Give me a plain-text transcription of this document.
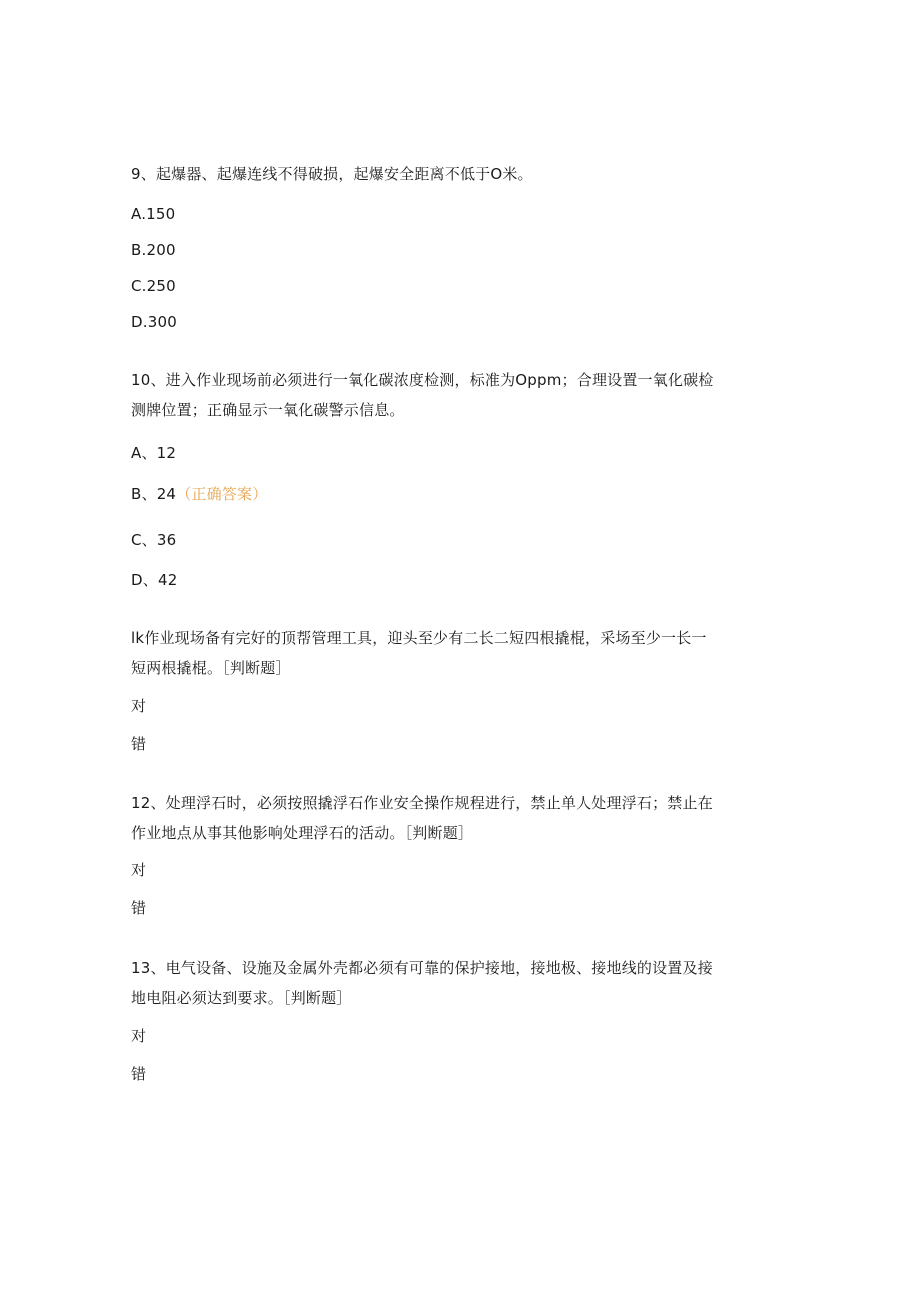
9、起爆器、起爆连线不得破损，起爆安全距离不低于O米。
A.150
B.200
C.250
D.300
10、进入作业现场前必须进行一氧化碳浓度检测，标准为Oppm；合理设置一氧化碳检
测牌位置；正确显示一氧化碳警示信息。
A、12
B、24（正确答案）
C、36
D、42
lk作业现场备有完好的顶帮管理工具，迎头至少有二长二短四根撬棍，采场至少一长一
短两根撬棍。［判断题］
对
错
12、处理浮石时，必须按照撬浮石作业安全操作规程进行，禁止单人处理浮石；禁止在
作业地点从事其他影响处理浮石的活动。［判断题］
对
错
13、电气设备、设施及金属外壳都必须有可靠的保护接地，接地极、接地线的设置及接
地电阻必须达到要求。［判断题］
对
错
